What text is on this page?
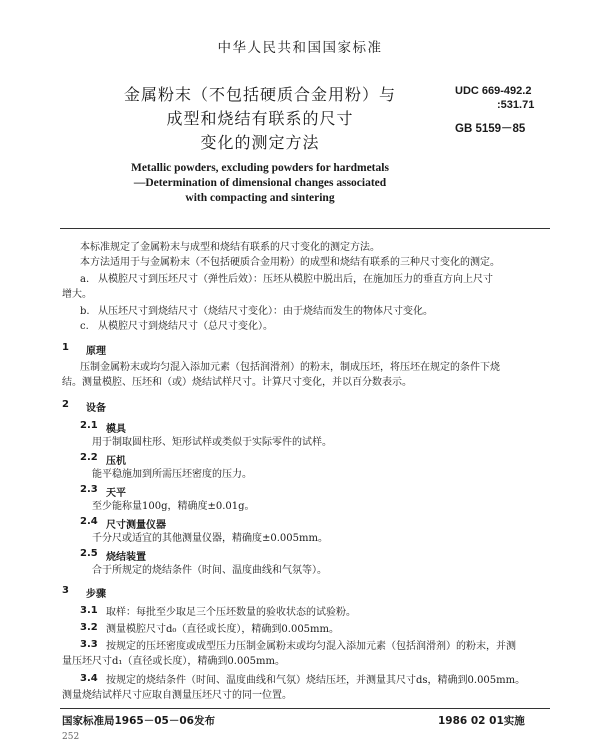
中华人民共和国国家标准
金属粉末（不包括硬质合金用粉）与
成型和烧结有联系的尺寸
变化的测定方法
UDC 669-492.2
:531.71
GB 5159－85
Metallic powders, excluding powders for hardmetals
—Determination of dimensional changes associated
with compacting and sintering
本标准规定了金属粉末与成型和烧结有联系的尺寸变化的测定方法。
本方法适用于与金属粉末（不包括硬质合金用粉）的成型和烧结有联系的三种尺寸变化的测定。
a. 从模腔尺寸到压坯尺寸（弹性后效）：压坯从模腔中脱出后，在施加压力的垂直方向上尺寸
增大。
b. 从压坯尺寸到烧结尺寸（烧结尺寸变化）：由于烧结而发生的物体尺寸变化。
c. 从模腔尺寸到烧结尺寸（总尺寸变化）。
1 原理
压制金属粉末或均匀混入添加元素（包括润滑剂）的粉末，制成压坯，将压坯在规定的条件下烧
结。测量模腔、压坯和（或）烧结试样尺寸。计算尺寸变化，并以百分数表示。
2 设备
2.1 模具
用于制取圆柱形、矩形试样或类似于实际零件的试样。
2.2 压机
能平稳施加到所需压坯密度的压力。
2.3 天平
至少能称量100g，精确度±0.01g。
2.4 尺寸测量仪器
千分尺或适宜的其他测量仪器，精确度±0.005mm。
2.5 烧结装置
合于所规定的烧结条件（时间、温度曲线和气氛等）。
3 步骤
3.1 取样：每批至少取足三个压坯数量的验收状态的试验粉。
3.2 测量模腔尺寸d₀（直径或长度），精确到0.005mm。
3.3 按规定的压坯密度或成型压力压制金属粉末或均匀混入添加元素（包括润滑剂）的粉末，并测
量压坯尺寸d₁（直径或长度），精确到0.005mm。
3.4 按规定的烧结条件（时间、温度曲线和气氛）烧结压坯，并测量其尺寸ds，精确到0.005mm。
测量烧结试样尺寸应取自测量压坯尺寸的同一位置。
国家标准局1965－05－06发布	1986 02 01实施
252
